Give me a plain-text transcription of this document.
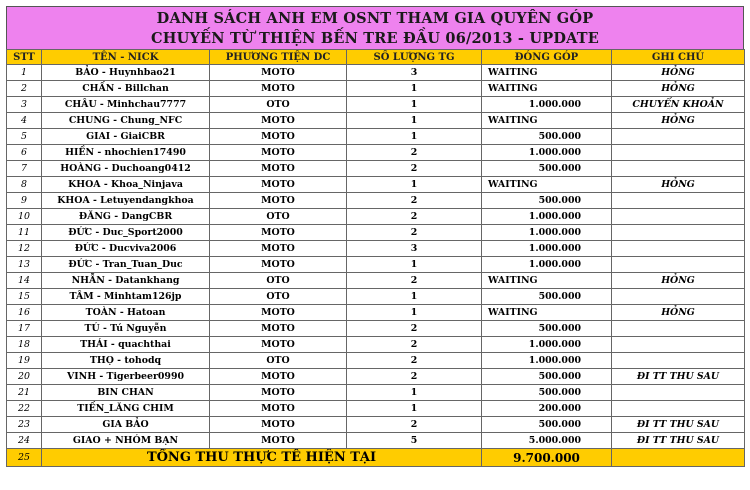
DANH SÁCH ANH EM OSNT THAM GIA QUYÊN GÓP
CHUYẾN TỪ THIỆN BẾN TRE ĐẦU 06/2013 - UPDATE
STT	TÊN - NICK	PHƯƠNG TIỆN DC	SỐ LƯỢNG TG	ĐÓNG GÓP	GHI CHÚ
1	BẢO - Huynhbao21	MOTO	3	WAITING	HỎNG
2	CHẤN - Billchan	MOTO	1	WAITING	HỎNG
3	CHÂU - Minhchau7777	OTO	1	1.000.000	CHUYỂN KHOẢN
4	CHUNG - Chung_NFC	MOTO	1	WAITING	HỎNG
5	GIAI - GiaiCBR	MOTO	1	500.000	
6	HIỀN - nhochien17490	MOTO	2	1.000.000	
7	HOÀNG - Duchoang0412	MOTO	2	500.000	
8	KHOA - Khoa_Ninjava	MOTO	1	WAITING	HỎNG
9	KHOA - Letuyendangkhoa	MOTO	2	500.000	
10	ĐĂNG - DangCBR	OTO	2	1.000.000	
11	ĐỨC - Duc_Sport2000	MOTO	2	1.000.000	
12	ĐỨC - Ducviva2006	MOTO	3	1.000.000	
13	ĐỨC - Tran_Tuan_Duc	MOTO	1	1.000.000	
14	NHẪN - Datankhang	OTO	2	WAITING	HỎNG
15	TÂM - Minhtam126jp	OTO	1	500.000	
16	TOÀN - Hatoan	MOTO	1	WAITING	HỎNG
17	TÚ - Tú Nguyễn	MOTO	2	500.000	
18	THÁI - quachthai	MOTO	2	1.000.000	
19	THỌ - tohodq	OTO	2	1.000.000	
20	VINH - Tigerbeer0990	MOTO	2	500.000	ĐI TT THU SAU
21	BIN CHAN	MOTO	1	500.000	
22	TIẾN_LĂNG CHIM	MOTO	1	200.000	
23	GIA BẢO	MOTO	2	500.000	ĐI TT THU SAU
24	GIAO + NHÓM BẠN	MOTO	5	5.000.000	ĐI TT THU SAU
25	TỔNG THU THỰC TẾ HIỆN TẠI			9.700.000	
